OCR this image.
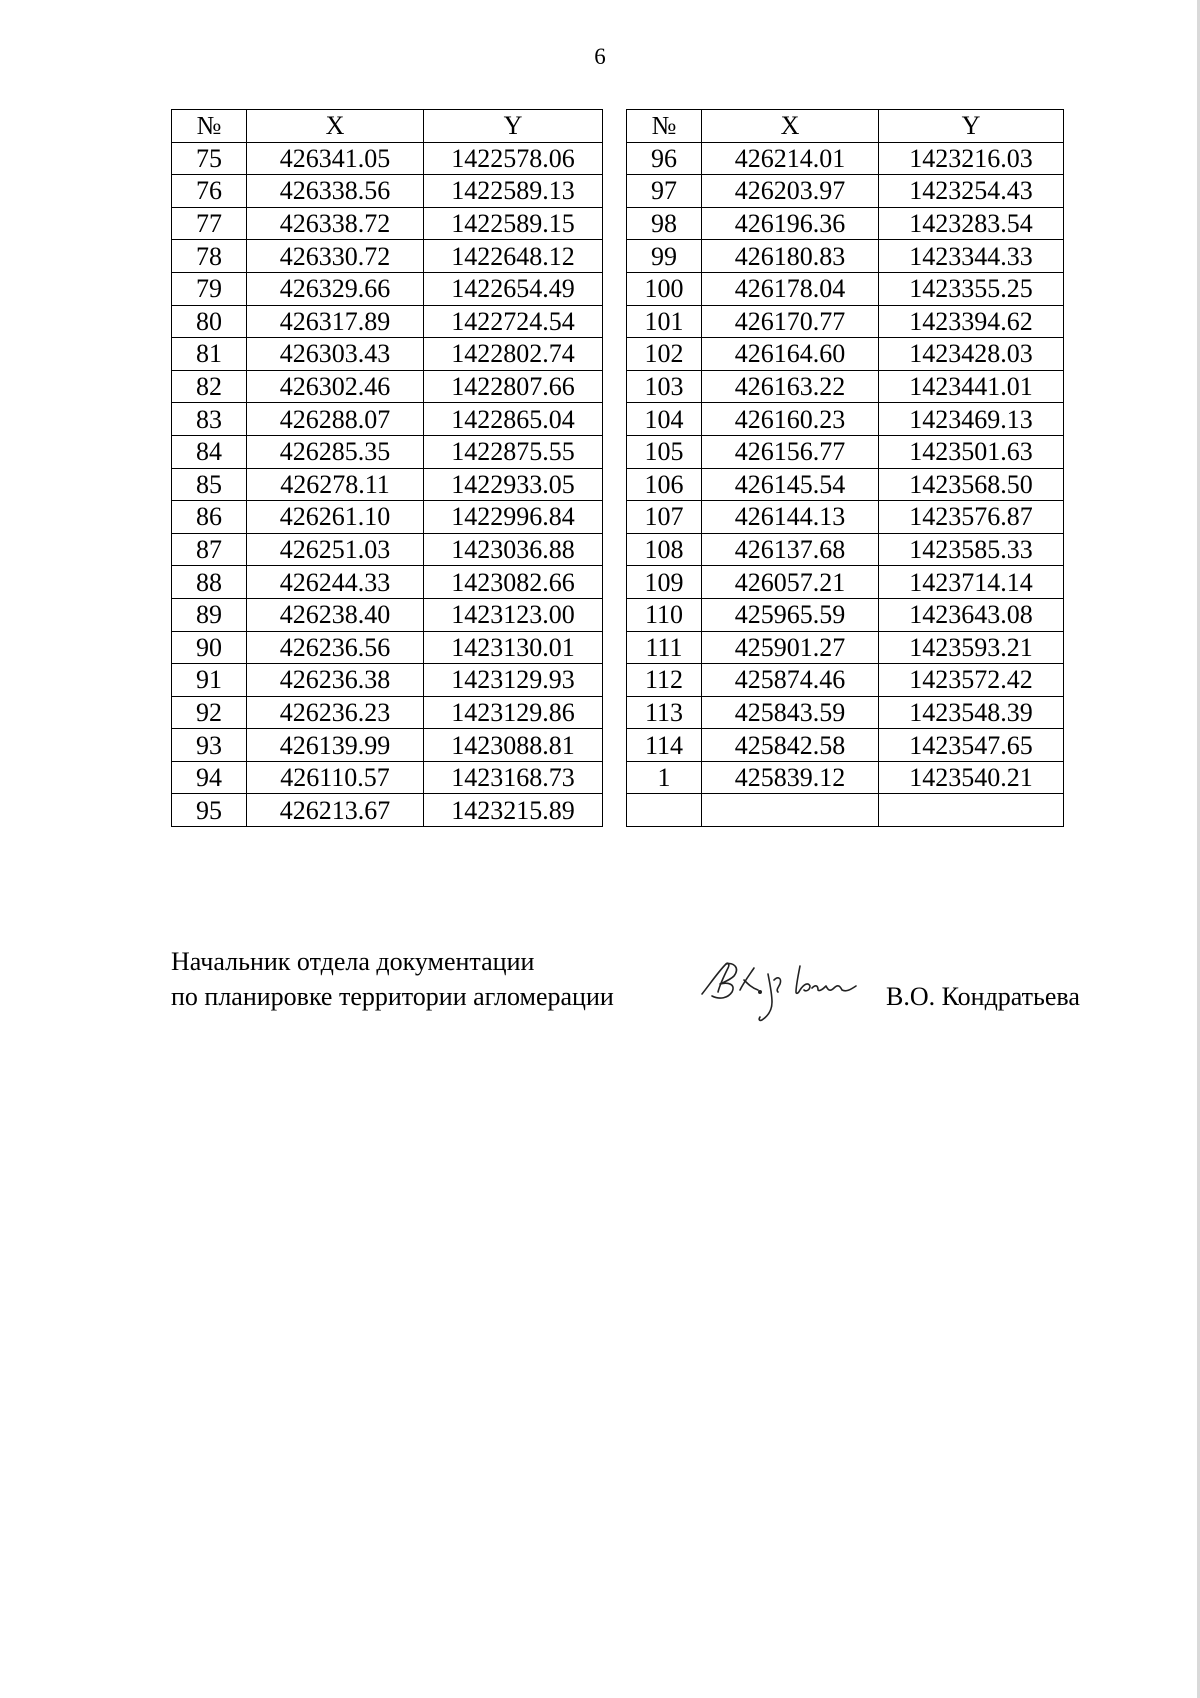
6
№	X	Y
75	426341.05	1422578.06
76	426338.56	1422589.13
77	426338.72	1422589.15
78	426330.72	1422648.12
79	426329.66	1422654.49
80	426317.89	1422724.54
81	426303.43	1422802.74
82	426302.46	1422807.66
83	426288.07	1422865.04
84	426285.35	1422875.55
85	426278.11	1422933.05
86	426261.10	1422996.84
87	426251.03	1423036.88
88	426244.33	1423082.66
89	426238.40	1423123.00
90	426236.56	1423130.01
91	426236.38	1423129.93
92	426236.23	1423129.86
93	426139.99	1423088.81
94	426110.57	1423168.73
95	426213.67	1423215.89
№	X	Y
96	426214.01	1423216.03
97	426203.97	1423254.43
98	426196.36	1423283.54
99	426180.83	1423344.33
100	426178.04	1423355.25
101	426170.77	1423394.62
102	426164.60	1423428.03
103	426163.22	1423441.01
104	426160.23	1423469.13
105	426156.77	1423501.63
106	426145.54	1423568.50
107	426144.13	1423576.87
108	426137.68	1423585.33
109	426057.21	1423714.14
110	425965.59	1423643.08
111	425901.27	1423593.21
112	425874.46	1423572.42
113	425843.59	1423548.39
114	425842.58	1423547.65
1	425839.12	1423540.21

Начальник отдела документации
по планировке территории агломерации	В.О. Кондратьева
